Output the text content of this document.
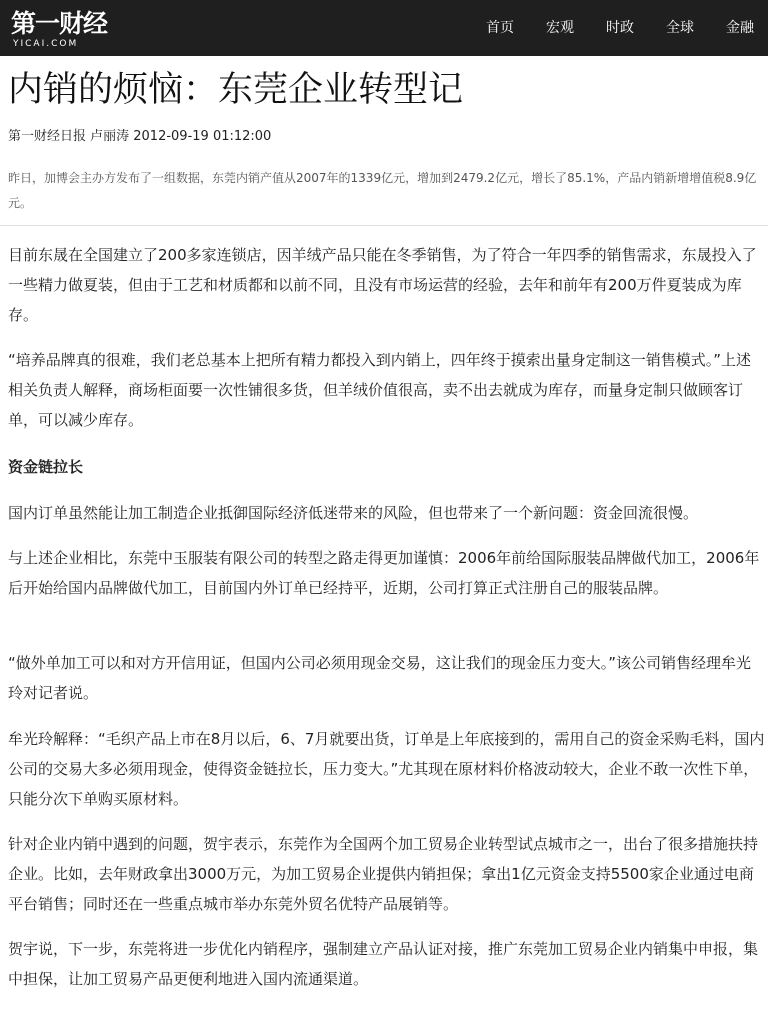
第一财经
YICAI.COM
首页 宏观 时政 全球 金融
内销的烦恼：东莞企业转型记
第一财经日报 卢丽涛 2012-09-19 01:12:00

昨日，加博会主办方发布了一组数据，东莞内销产值从2007年的1339亿元，增加到2479.2亿元，增长了85.1%，产品内销新增增值税8.9亿元。

目前东晟在全国建立了200多家连锁店，因羊绒产品只能在冬季销售，为了符合一年四季的销售需求，东晟投入了一些精力做夏装，但由于工艺和材质都和以前不同，且没有市场运营的经验，去年和前年有200万件夏装成为库存。

“培养品牌真的很难，我们老总基本上把所有精力都投入到内销上，四年终于摸索出量身定制这一销售模式。”上述相关负责人解释，商场柜面要一次性铺很多货，但羊绒价值很高，卖不出去就成为库存，而量身定制只做顾客订单，可以减少库存。

资金链拉长

国内订单虽然能让加工制造企业抵御国际经济低迷带来的风险，但也带来了一个新问题：资金回流很慢。

与上述企业相比，东莞中玉服装有限公司的转型之路走得更加谨慎：2006年前给国际服装品牌做代加工，2006年后开始给国内品牌做代加工，目前国内外订单已经持平，近期，公司打算正式注册自己的服装品牌。

“做外单加工可以和对方开信用证，但国内公司必须用现金交易，这让我们的现金压力变大。”该公司销售经理牟光玲对记者说。

牟光玲解释：“毛织产品上市在8月以后，6、7月就要出货，订单是上年底接到的，需用自己的资金采购毛料，国内公司的交易大多必须用现金，使得资金链拉长，压力变大。”尤其现在原材料价格波动较大，企业不敢一次性下单，只能分次下单购买原材料。

针对企业内销中遇到的问题，贺宇表示，东莞作为全国两个加工贸易企业转型试点城市之一，出台了很多措施扶持企业。比如，去年财政拿出3000万元，为加工贸易企业提供内销担保；拿出1亿元资金支持5500家企业通过电商平台销售；同时还在一些重点城市举办东莞外贸名优特产品展销等。

贺宇说，下一步，东莞将进一步优化内销程序，强制建立产品认证对接，推广东莞加工贸易企业内销集中申报，集中担保，让加工贸易产品更便利地进入国内流通渠道。
